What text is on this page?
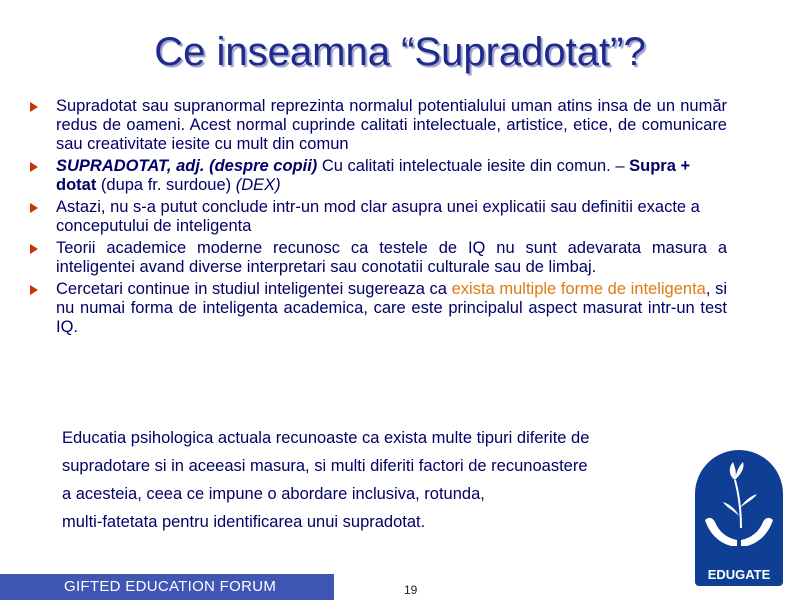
Ce inseamna “Supradotat”?
Supradotat sau supranormal reprezinta normalul potentialului uman atins insa de un număr redus de oameni. Acest normal cuprinde calitati intelectuale, artistice, etice, de comunicare sau creativitate iesite cu mult din comun
SUPRADOTAT, adj. (despre copii) Cu calitati intelectuale iesite din comun. – Supra + dotat (dupa fr. surdoue) (DEX)
Astazi, nu s-a putut conclude intr-un mod clar asupra unei explicatii sau definitii exacte a conceputului de inteligenta
Teorii academice moderne recunosc ca testele de IQ nu sunt adevarata masura a inteligentei avand diverse interpretari sau conotatii culturale sau de limbaj.
Cercetari continue in studiul inteligentei sugereaza ca exista multiple forme de inteligenta, si nu numai forma de inteligenta academica, care este principalul aspect masurat intr-un test IQ.
Educatia psihologica actuala recunoaste ca exista multe tipuri diferite de
supradotare si in aceeasi masura, si multi diferiti factori de recunoastere
a acesteia, ceea ce impune o abordare inclusiva, rotunda,
multi-fatetata pentru identificarea unui supradotat.
EDUGATE
GIFTED EDUCATION FORUM	19
